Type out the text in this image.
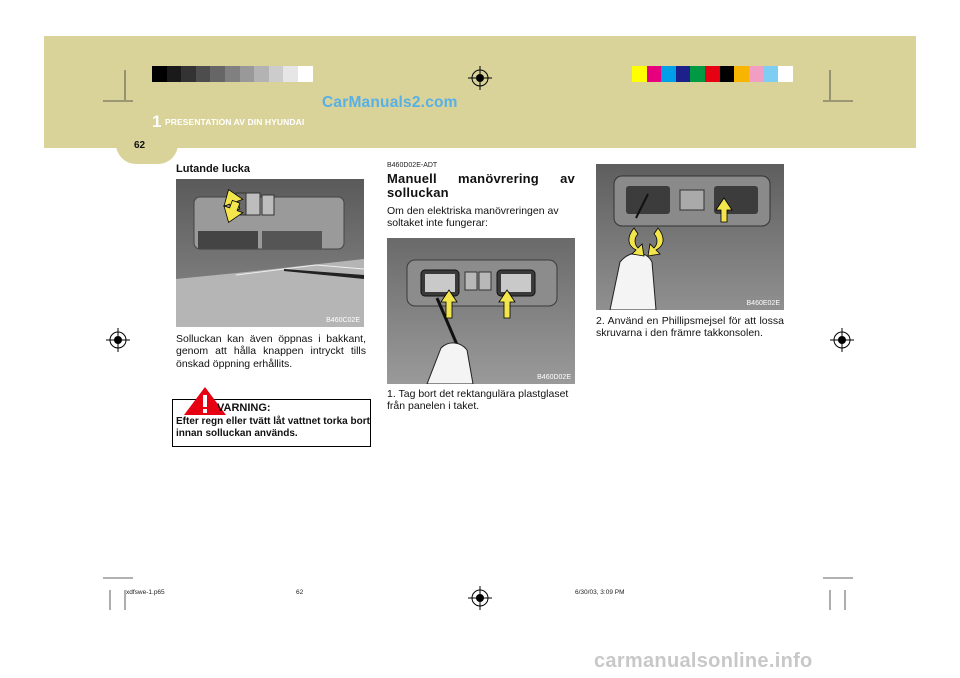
1 PRESENTATION AV DIN HYUNDAI
CarManuals2.com
62
Lutande lucka
B460C02E
Solluckan kan även öppnas i bakkant, genom att hålla knappen intryckt tills önskad öppning erhållits.
VARNING:
Efter regn eller tvätt låt vattnet torka bort innan solluckan används.
B460D02E-ADT
Manuell manövrering av solluckan
Om den elektriska manövreringen av soltaket inte fungerar:
B460D02E
1. Tag bort det rektangulära plastglaset från panelen i taket.
B460E02E
2. Använd en Phillipsmejsel för att lossa skruvarna i den främre takkonsolen.
xdfswe-1.p65	62	6/30/03, 3:09 PM
carmanualsonline.info
